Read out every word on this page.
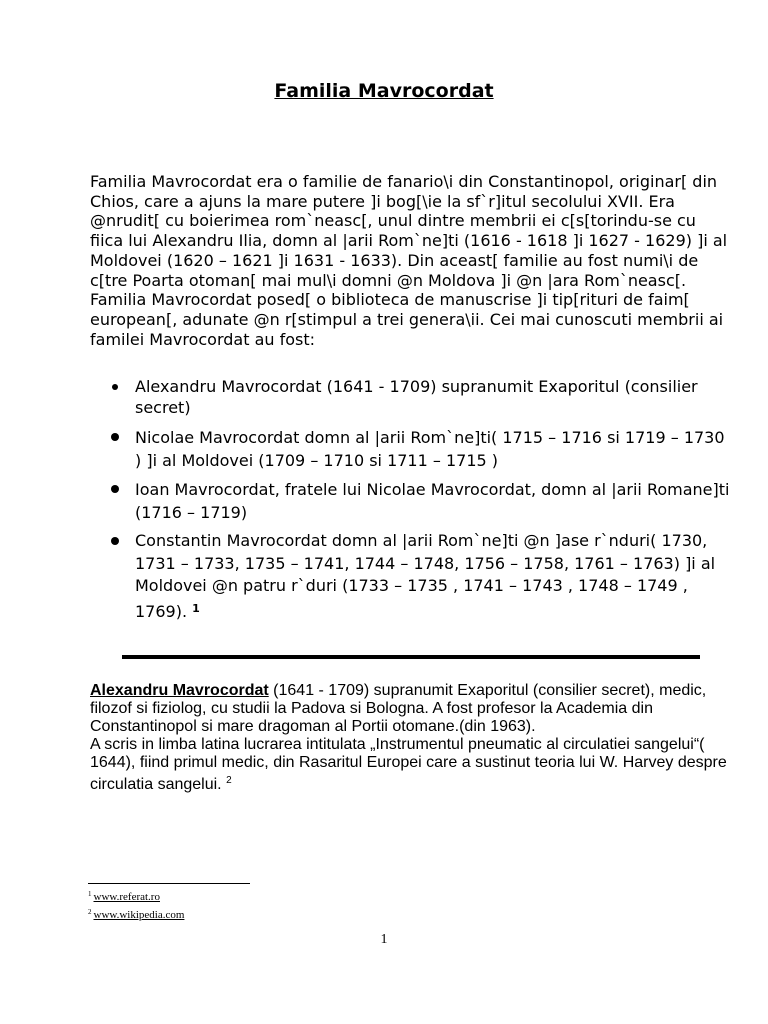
Familia Mavrocordat

Familia Mavrocordat era o familie de fanario\i din Constantinopol, originar[ din Chios, care a ajuns la mare putere ]i bog[\ie la sf`r]itul secolului XVII. Era @nrudit[ cu boierimea rom`neasc[, unul dintre membrii ei c[s[torindu-se cu fiica lui Alexandru Ilia, domn al |arii Rom`ne]ti (1616 - 1618 ]i 1627 - 1629) ]i al Moldovei (1620 – 1621 ]i 1631 - 1633). Din aceast[ familie au fost numi\i de c[tre Poarta otoman[ mai mul\i domni @n Moldova ]i @n |ara Rom`neasc[. Familia Mavrocordat posed[ o biblioteca de manuscrise ]i tip[rituri de faim[ european[, adunate @n r[stimpul a trei genera\ii. Cei mai cunoscuti membrii ai familei Mavrocordat au fost:

Alexandru Mavrocordat (1641 - 1709) supranumit Exaporitul (consilier secret)
Nicolae Mavrocordat domn al |arii Rom`ne]ti( 1715 – 1716 si 1719 – 1730 ) ]i al Moldovei (1709 – 1710 si 1711 – 1715 )
Ioan Mavrocordat, fratele lui Nicolae Mavrocordat, domn al |arii Romane]ti (1716 – 1719)
Constantin Mavrocordat domn al |arii Rom`ne]ti @n ]ase r`nduri( 1730, 1731 – 1733, 1735 – 1741, 1744 – 1748, 1756 – 1758, 1761 – 1763) ]i al Moldovei @n patru r`duri (1733 – 1735 , 1741 – 1743 , 1748 – 1749 , 1769). $^1$

Alexandru Mavrocordat (1641 - 1709) supranumit Exaporitul (consilier secret), medic, filozof si fiziolog, cu studii la Padova si Bologna. A fost profesor la Academia din Constantinopol si mare dragoman al Portii otomane.(din 1963).
A scris in limba latina lucrarea intitulata „Instrumentul pneumatic al circulatiei sangelui“( 1644), fiind primul medic, din Rasaritul Europei care a sustinut teoria lui W. Harvey despre circulatia sangelui. $^2$

$^1$ www.referat.ro
$^2$ www.wikipedia.com
1
